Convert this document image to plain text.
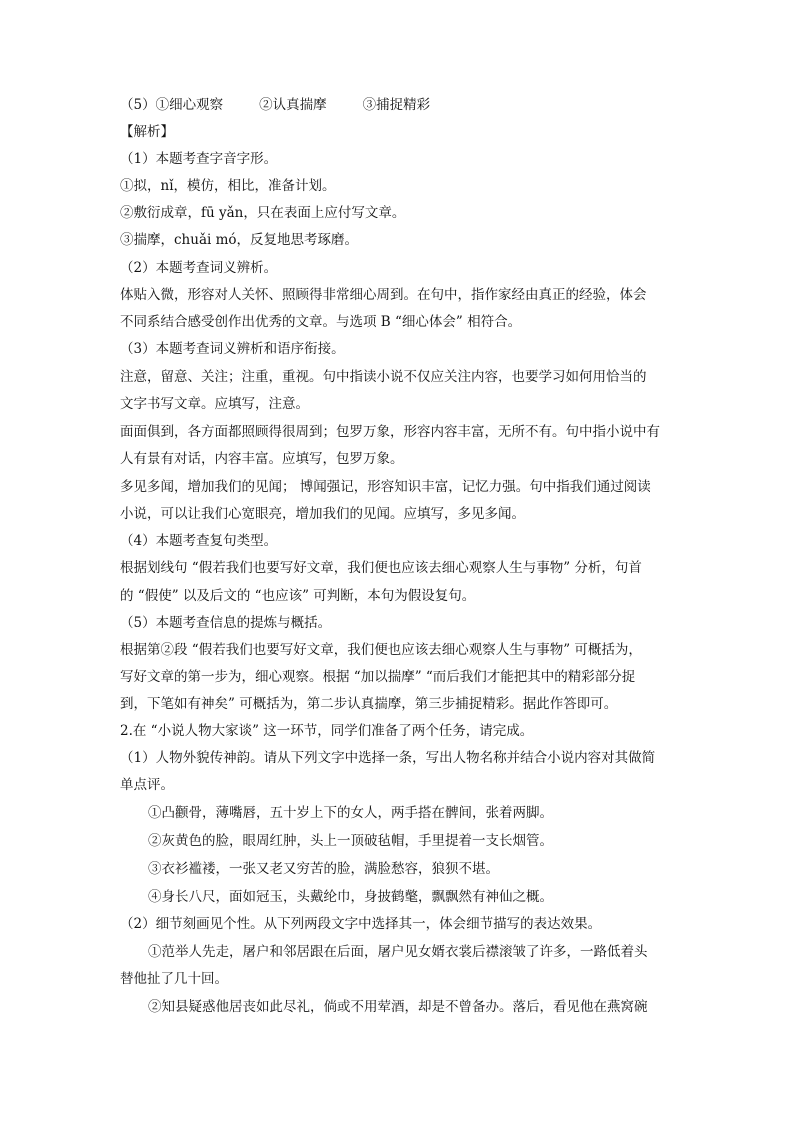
（5）①细心观察	②认真揣摩	③捕捉精彩
【解析】
（1）本题考查字音字形。
①拟，nǐ，模仿，相比，准备计划。
②敷衍成章，fū yǎn，只在表面上应付写文章。
③揣摩，chuǎi mó，反复地思考琢磨。
（2）本题考查词义辨析。
体贴入微，形容对人关怀、照顾得非常细心周到。在句中，指作家经由真正的经验，体会
不同系结合感受创作出优秀的文章。与选项 B “细心体会” 相符合。
（3）本题考查词义辨析和语序衔接。
注意，留意、关注；注重，重视。句中指读小说不仅应关注内容，也要学习如何用恰当的
文字书写文章。应填写，注意。
面面俱到，各方面都照顾得很周到；包罗万象，形容内容丰富，无所不有。句中指小说中有
人有景有对话，内容丰富。应填写，包罗万象。
多见多闻，增加我们的见闻； 博闻强记，形容知识丰富，记忆力强。句中指我们通过阅读
小说，可以让我们心宽眼亮，增加我们的见闻。应填写，多见多闻。
（4）本题考查复句类型。
根据划线句 “假若我们也要写好文章，我们便也应该去细心观察人生与事物” 分析，句首
的 “假使” 以及后文的 “也应该” 可判断，本句为假设复句。
（5）本题考查信息的提炼与概括。
根据第②段 “假若我们也要写好文章，我们便也应该去细心观察人生与事物” 可概括为，
写好文章的第一步为，细心观察。根据 “加以揣摩” “而后我们才能把其中的精彩部分捉
到，下笔如有神矣” 可概括为，第二步认真揣摩，第三步捕捉精彩。据此作答即可。
2.在 “小说人物大家谈” 这一环节，同学们准备了两个任务，请完成。
（1）人物外貌传神韵。请从下列文字中选择一条，写出人物名称并结合小说内容对其做简
单点评。
①凸颧骨，薄嘴唇，五十岁上下的女人，两手搭在髀间，张着两脚。
②灰黄色的脸，眼周红肿，头上一顶破毡帽，手里提着一支长烟管。
③衣衫褴褛，一张又老又穷苦的脸，满脸愁容，狼狈不堪。
④身长八尺，面如冠玉，头戴纶巾，身披鹤氅，飘飘然有神仙之概。
（2）细节刻画见个性。从下列两段文字中选择其一，体会细节描写的表达效果。
①范举人先走，屠户和邻居跟在后面，屠户见女婿衣裳后襟滚皱了许多，一路低着头
替他扯了几十回。
②知县疑惑他居丧如此尽礼，倘或不用荤酒，却是不曾备办。落后，看见他在燕窝碗
